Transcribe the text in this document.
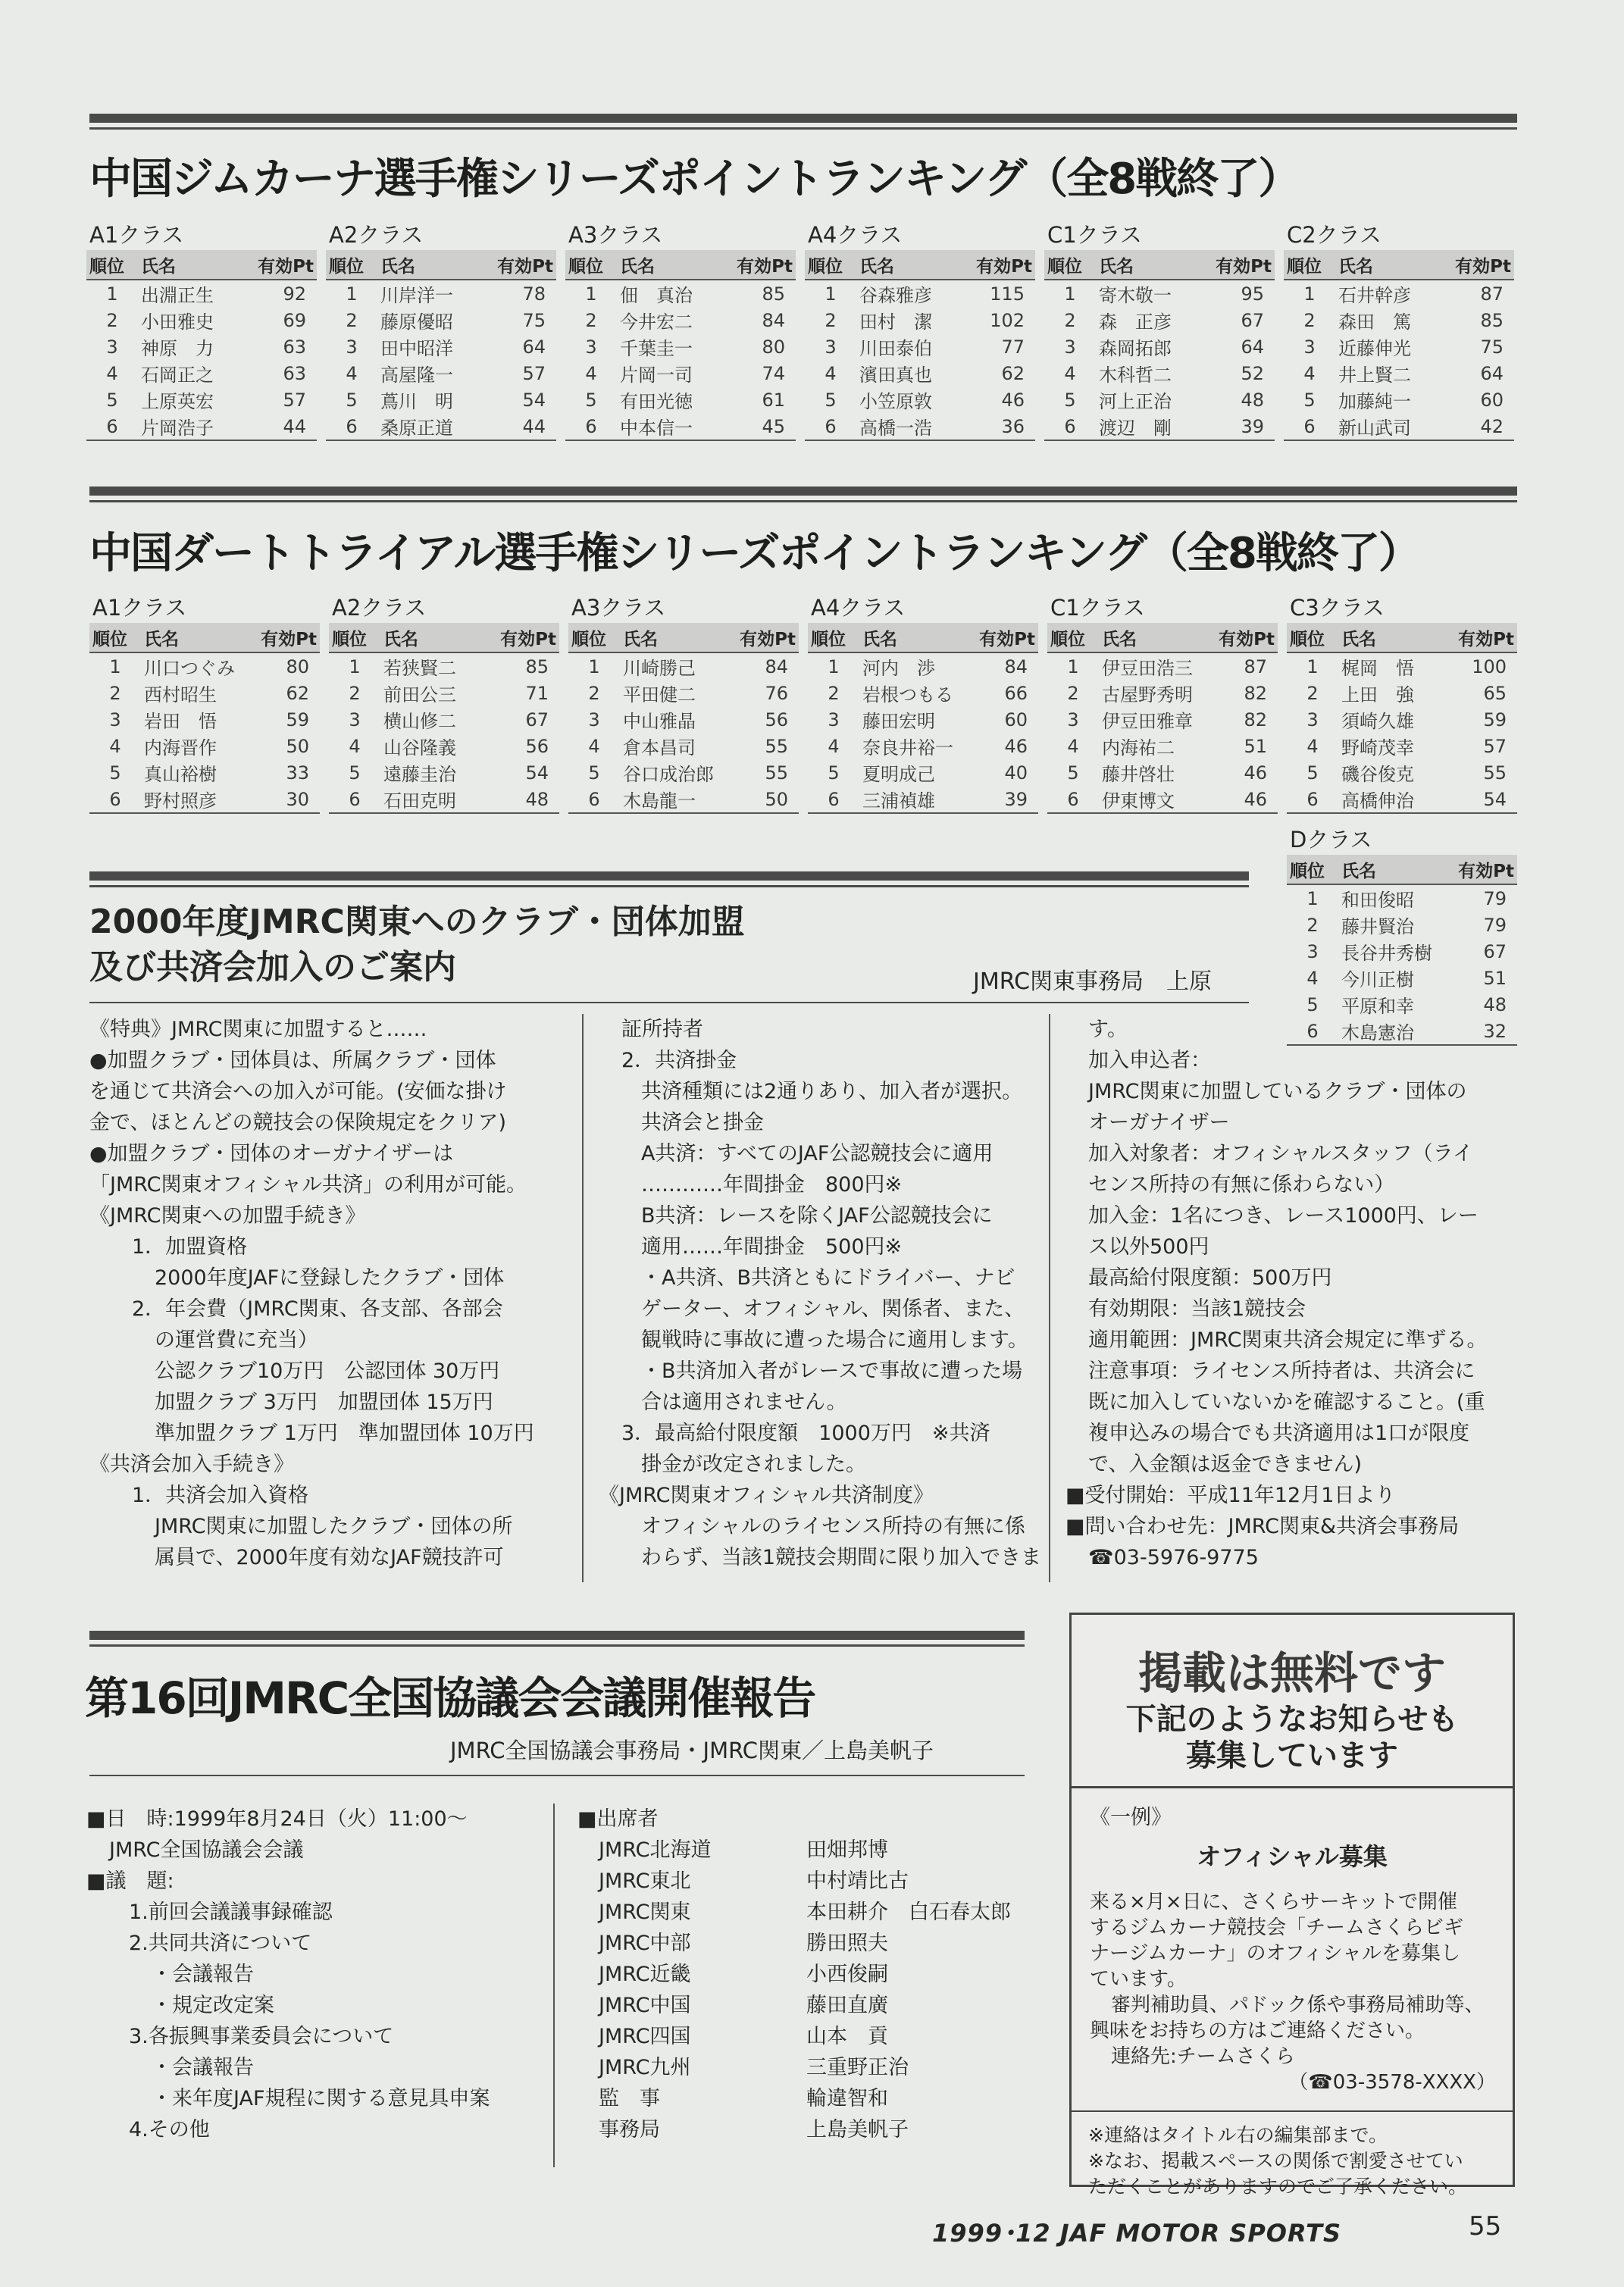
中国ジムカーナ選手権シリーズポイントランキング（全8戦終了）
A1クラス
順位	氏名	有効Pt
1	出淵正生	92
2	小田雅史	69
3	神原　力	63
4	石岡正之	63
5	上原英宏	57
6	片岡浩子	44
A2クラス
順位	氏名	有効Pt
1	川岸洋一	78
2	藤原優昭	75
3	田中昭洋	64
4	高屋隆一	57
5	蔦川　明	54
6	桑原正道	44
A3クラス
順位	氏名	有効Pt
1	佃　真治	85
2	今井宏二	84
3	千葉圭一	80
4	片岡一司	74
5	有田光徳	61
6	中本信一	45
A4クラス
順位	氏名	有効Pt
1	谷森雅彦	115
2	田村　潔	102
3	川田泰伯	77
4	濱田真也	62
5	小笠原敦	46
6	高橋一浩	36
C1クラス
順位	氏名	有効Pt
1	寄木敬一	95
2	森　正彦	67
3	森岡拓郎	64
4	木科哲二	52
5	河上正治	48
6	渡辺　剛	39
C2クラス
順位	氏名	有効Pt
1	石井幹彦	87
2	森田　篤	85
3	近藤伸光	75
4	井上賢二	64
5	加藤純一	60
6	新山武司	42
中国ダートトライアル選手権シリーズポイントランキング（全8戦終了）
A1クラス
順位	氏名	有効Pt
1	川口つぐみ	80
2	西村昭生	62
3	岩田　悟	59
4	内海晋作	50
5	真山裕樹	33
6	野村照彦	30
A2クラス
順位	氏名	有効Pt
1	若狭賢二	85
2	前田公三	71
3	横山修二	67
4	山谷隆義	56
5	遠藤圭治	54
6	石田克明	48
A3クラス
順位	氏名	有効Pt
1	川崎勝己	84
2	平田健二	76
3	中山雅晶	56
4	倉本昌司	55
5	谷口成治郎	55
6	木島龍一	50
A4クラス
順位	氏名	有効Pt
1	河内　渉	84
2	岩根つもる	66
3	藤田宏明	60
4	奈良井裕一	46
5	夏明成己	40
6	三浦禎雄	39
C1クラス
順位	氏名	有効Pt
1	伊豆田浩三	87
2	古屋野秀明	82
3	伊豆田雅章	82
4	内海祐二	51
5	藤井啓壮	46
6	伊東博文	46
C3クラス
順位	氏名	有効Pt
1	梶岡　悟	100
2	上田　強	65
3	須崎久雄	59
4	野崎茂幸	57
5	磯谷俊克	55
6	高橋伸治	54
Dクラス
順位	氏名	有効Pt
1	和田俊昭	79
2	藤井賢治	79
3	長谷井秀樹	67
4	今川正樹	51
5	平原和幸	48
6	木島憲治	32
2000年度JMRC関東へのクラブ・団体加盟
及び共済会加入のご案内	JMRC関東事務局　上原

《特典》JMRC関東に加盟すると……

●加盟クラブ・団体員は、所属クラブ・団体

を通じて共済会への加入が可能。(安価な掛け

金で、ほとんどの競技会の保険規定をクリア)

●加盟クラブ・団体のオーガナイザーは

「JMRC関東オフィシャル共済」の利用が可能。

《JMRC関東への加盟手続き》

1．加盟資格

2000年度JAFに登録したクラブ・団体

2．年会費（JMRC関東、各支部、各部会

の運営費に充当）

公認クラブ10万円　公認団体 30万円

加盟クラブ 3万円　加盟団体 15万円

準加盟クラブ 1万円　準加盟団体 10万円

《共済会加入手続き》

1．共済会加入資格

JMRC関東に加盟したクラブ・団体の所

属員で、2000年度有効なJAF競技許可

証所持者

2．共済掛金

共済種類には2通りあり、加入者が選択。

共済会と掛金

A共済：すべてのJAF公認競技会に適用

…………年間掛金　800円※

B共済：レースを除くJAF公認競技会に

適用……年間掛金　500円※

・A共済、B共済ともにドライバー、ナビ

ゲーター、オフィシャル、関係者、また、

観戦時に事故に遭った場合に適用します。

・B共済加入者がレースで事故に遭った場

合は適用されません。

3．最高給付限度額　1000万円　※共済

掛金が改定されました。

《JMRC関東オフィシャル共済制度》

オフィシャルのライセンス所持の有無に係

わらず、当該1競技会期間に限り加入できま

す。

加入申込者：

JMRC関東に加盟しているクラブ・団体の

オーガナイザー

加入対象者：オフィシャルスタッフ（ライ

センス所持の有無に係わらない）

加入金：1名につき、レース1000円、レー

ス以外500円

最高給付限度額：500万円

有効期限：当該1競技会

適用範囲：JMRC関東共済会規定に準ずる。

注意事項：ライセンス所持者は、共済会に

既に加入していないかを確認すること。(重

複申込みの場合でも共済適用は1口が限度

で、入金額は返金できません)

■受付開始：平成11年12月1日より

■問い合わせ先：JMRC関東&共済会事務局

☎03-5976-9775

第16回JMRC全国協議会会議開催報告
JMRC全国協議会事務局・JMRC関東／上島美帆子

■日　時:1999年8月24日（火）11:00〜

JMRC全国協議会会議

■議　題:

1.前回会議議事録確認

2.共同共済について

・会議報告

・規定改定案

3.各振興事業委員会について

・会議報告

・来年度JAF規程に関する意見具申案

4.その他

■出席者

JMRC北海道	田畑邦博
JMRC東北	中村靖比古
JMRC関東	本田耕介　白石春太郎
JMRC中部	勝田照夫
JMRC近畿	小西俊嗣
JMRC中国	藤田直廣
JMRC四国	山本　貢
JMRC九州	三重野正治
監　事	輪違智和
事務局	上島美帆子
掲載は無料です
下記のようなお知らせも
募集しています
《一例》
オフィシャル募集
来る×月×日に、さくらサーキットで開催
するジムカーナ競技会「チームさくらビギ
ナージムカーナ」のオフィシャルを募集し
ています。
審判補助員、パドック係や事務局補助等、
興味をお持ちの方はご連絡ください。
連絡先:チームさくら
（☎03-3578-XXXX）
※連絡はタイトル右の編集部まで。
※なお、掲載スペースの関係で割愛させてい
ただくことがありますのでご了承ください。
1999･12 JAF MOTOR SPORTS	55
